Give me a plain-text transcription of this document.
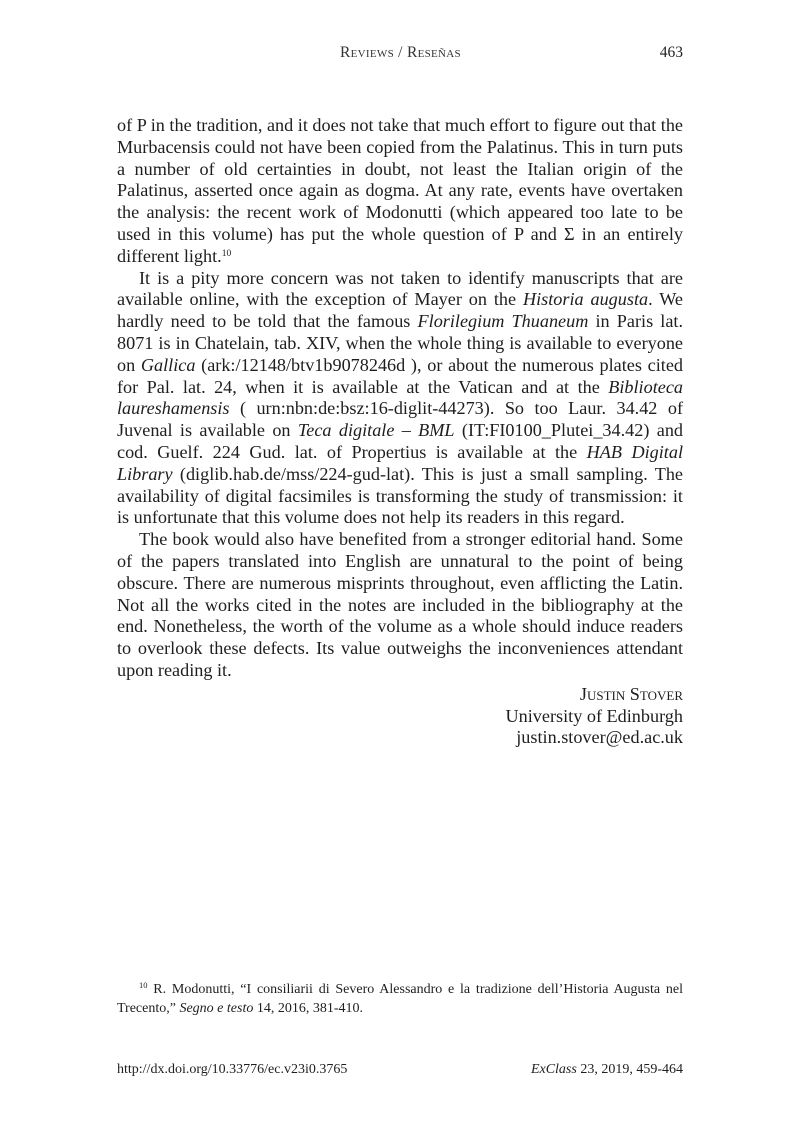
Reviews / Reseñas	463

of P in the tradition, and it does not take that much effort to figure out that the Murbacensis could not have been copied from the Palatinus. This in turn puts a number of old certainties in doubt, not least the Italian origin of the Palatinus, asserted once again as dogma. At any rate, events have overtaken the analysis: the recent work of Modonutti (which appeared too late to be used in this volume) has put the whole question of P and Σ in an entirely different light.$^{10}$

It is a pity more concern was not taken to identify manuscripts that are available online, with the exception of Mayer on the Historia augusta. We hardly need to be told that the famous Florilegium Thuaneum in Paris lat. 8071 is in Chatelain, tab. XIV, when the whole thing is available to everyone on Gallica (ark:/12148/btv1b9078246d ), or about the numerous plates cited for Pal. lat. 24, when it is available at the Vatican and at the Biblioteca laureshamensis ( urn:nbn:de:bsz:16-diglit-44273). So too Laur. 34.42 of Juvenal is available on Teca digitale – BML (IT:FI0100_Plutei_34.42) and cod. Guelf. 224 Gud. lat. of Propertius is available at the HAB Digital Library (diglib.hab.de/mss/224-gud-lat). This is just a small sampling. The availability of digital facsimiles is transforming the study of transmission: it is unfortunate that this volume does not help its readers in this regard.

The book would also have benefited from a stronger editorial hand. Some of the papers translated into English are unnatural to the point of being obscure. There are numerous misprints throughout, even afflicting the Latin. Not all the works cited in the notes are included in the bibliography at the end. Nonetheless, the worth of the volume as a whole should induce readers to overlook these defects. Its value outweighs the inconveniences attendant upon reading it.

Justin Stover
University of Edinburgh
justin.stover@ed.ac.uk

$^{10}$ R. Modonutti, “I consiliarii di Severo Alessandro e la tradizione dell’Historia Augusta nel Trecento,” Segno e testo 14, 2016, 381-410.

http://dx.doi.org/10.33776/ec.v23i0.3765	ExClass 23, 2019, 459-464
